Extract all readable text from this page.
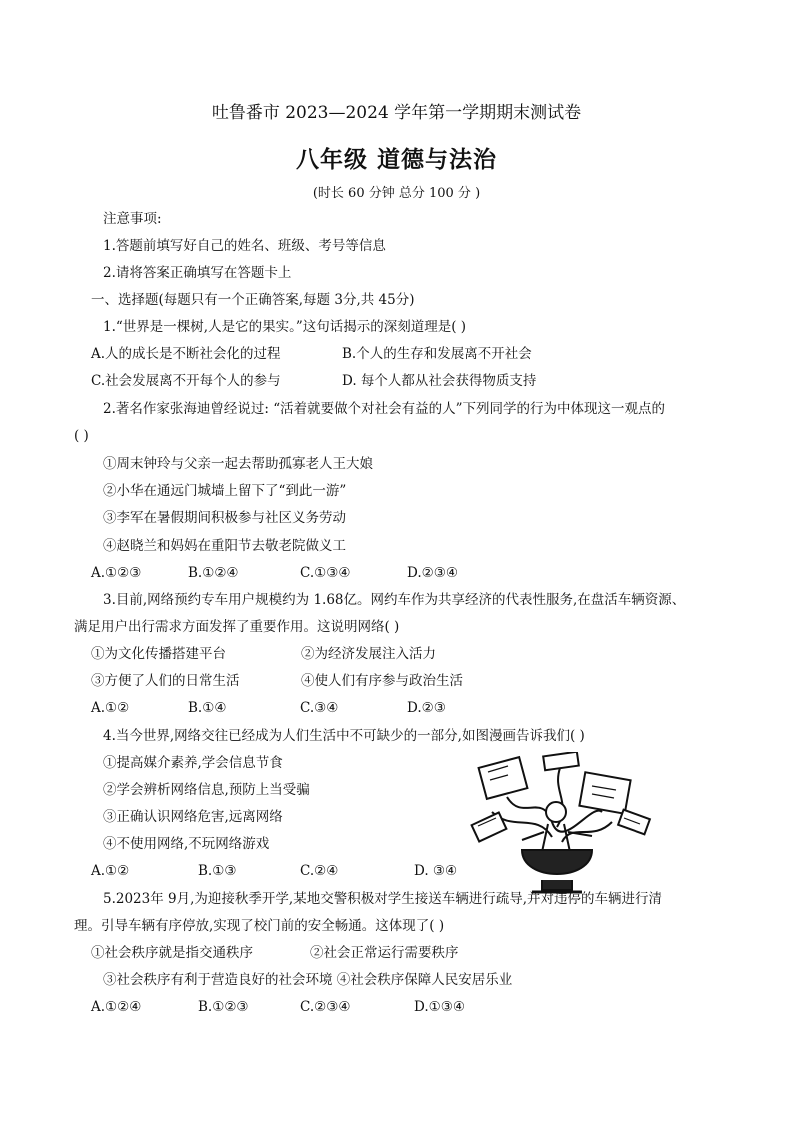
吐鲁番市 2023—2024 学年第一学期期末测试卷
八年级 道德与法治
(时长 60 分钟 总分 100 分 )
注意事项:
1.答题前填写好自己的姓名、班级、考号等信息
2.请将答案正确填写在答题卡上
一、选择题(每题只有一个正确答案,每题 3分,共 45分)
1.“世界是一棵树,人是它的果实。”这句话揭示的深刻道理是( )
A.人的成长是不断社会化的过程	B.个人的生存和发展离不开社会
C.社会发展离不开每个人的参与	D. 每个人都从社会获得物质支持
2.著名作家张海迪曾经说过: “活着就要做个对社会有益的人”下列同学的行为中体现这一观点的
( )
①周末钟玲与父亲一起去帮助孤寡老人王大娘
②小华在通远门城墙上留下了“到此一游”
③李军在暑假期间积极参与社区义务劳动
④赵晓兰和妈妈在重阳节去敬老院做义工
A.①②③	B.①②④	C.①③④	D.②③④
3.目前,网络预约专车用户规模约为 1.68亿。网约车作为共享经济的代表性服务,在盘活车辆资源、
满足用户出行需求方面发挥了重要作用。这说明网络( )
①为文化传播搭建平台	②为经济发展注入活力
③方便了人们的日常生活	④使人们有序参与政治生活
A.①②	B.①④	C.③④	D.②③
4.当今世界,网络交往已经成为人们生活中不可缺少的一部分,如图漫画告诉我们( )
①提高媒介素养,学会信息节食
②学会辨析网络信息,预防上当受骗
③正确认识网络危害,远离网络
④不使用网络,不玩网络游戏
A.①②	B.①③	C.②④	D. ③④
5.2023年 9月,为迎接秋季开学,某地交警积极对学生接送车辆进行疏导,并对违停的车辆进行清
理。引导车辆有序停放,实现了校门前的安全畅通。这体现了( )
①社会秩序就是指交通秩序	②社会正常运行需要秩序
③社会秩序有利于营造良好的社会环境 ④社会秩序保障人民安居乐业
A.①②④	B.①②③	C.②③④	D.①③④
